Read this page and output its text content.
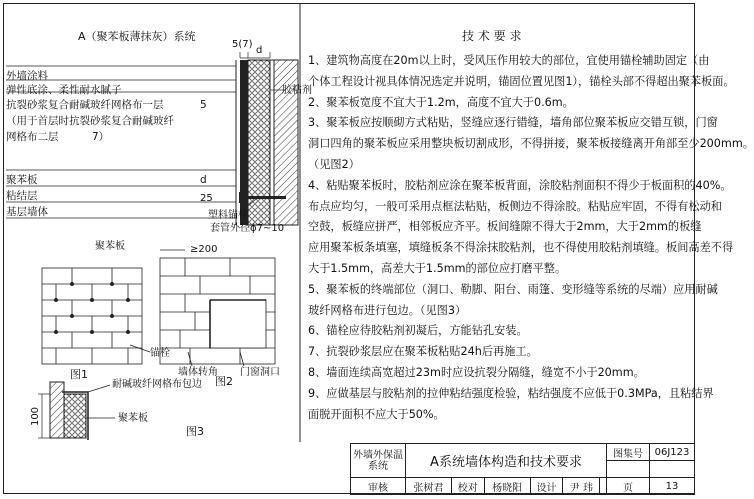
A（聚苯板薄抹灰）系统
外墙涂料
弹性底涂、柔性耐水腻子
抗裂砂浆复合耐碱玻纤网格布一层	5
（用于首层时抗裂砂浆复合耐碱玻纤
网格布二层	7）
聚苯板	d
粘结层
基层墙体
5(7)
d
胶粘剂
25
塑料锚栓
套管外径ϕ7~10
聚苯板
锚栓
图1
≥200
墙体转角 门窗洞口
图2
耐碱玻纤网格布包边
聚苯板
100
图3
技 术 要 求
1、建筑物高度在20m以上时，受风压作用较大的部位，宜使用锚栓辅助固定（由
个体工程设计视具体情况选定并说明，锚固位置见图1），锚栓头部不得超出聚苯板面。
2、聚苯板宽度不宜大于1.2m，高度不宜大于0.6m。
3、聚苯板应按顺砌方式粘贴，竖缝应逐行错缝，墙角部位聚苯板应交错互锁，门窗
洞口四角的聚苯板应采用整块板切割成形，不得拼接，聚苯板接缝离开角部至少200mm。
（见图2）
4、粘贴聚苯板时，胶粘剂应涂在聚苯板背面，涂胶粘剂面积不得少于板面积的40%。
布点应均匀，一般可采用点框法粘贴，板侧边不得涂胶。粘贴应牢固，不得有松动和
空鼓，板缝应拼严，相邻板应齐平。板间缝隙不得大于2mm，大于2mm的板缝
应用聚苯板条填塞，填缝板条不得涂抹胶粘剂，也不得使用胶粘剂填缝。板间高差不得
大于1.5mm，高差大于1.5mm的部位应打磨平整。
5、聚苯板的终端部位（洞口、勒脚、阳台、雨篷、变形缝等系统的尽端）应用耐碱
玻纤网格布进行包边。（见图3）
6、锚栓应待胶粘剂初凝后，方能钻孔安装。
7、抗裂砂浆层应在聚苯板粘贴24h后再施工。
8、墙面连续高宽超过23m时应设抗裂分隔缝，缝宽不小于20mm。
9、应做基层与胶粘剂的拉伸粘结强度检验，粘结强度不应低于0.3MPa，且粘结界
面脱开面积不应大于50%。
外墙外保温
系统	A系统墙体构造和技术要求						图集号	06J123

审核	张树君	校对	杨晓阳	设计	尹 玮		页	13
